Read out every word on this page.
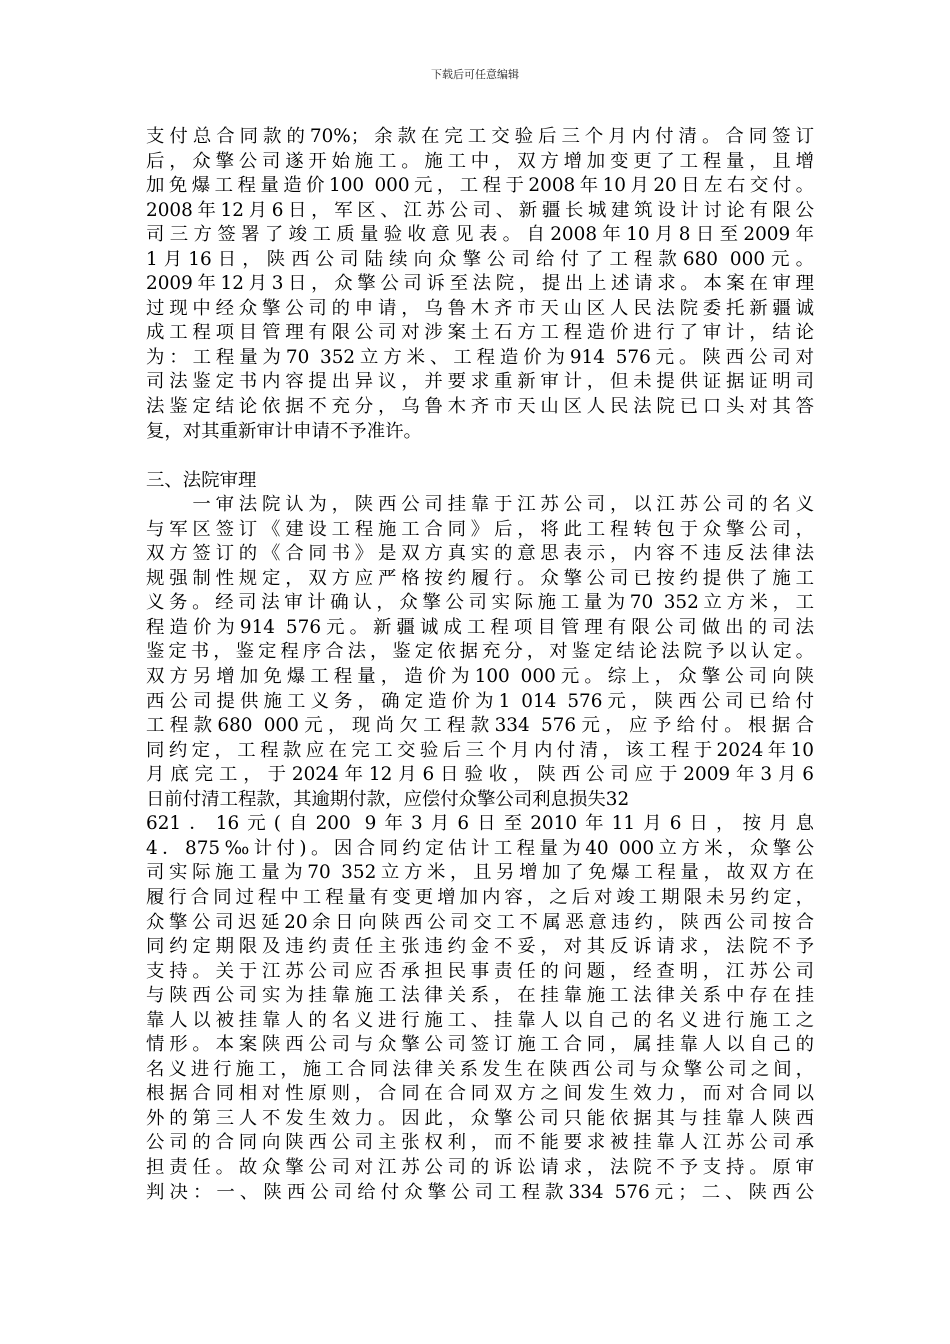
下载后可任意编辑
支付总合同款的70%；余款在完工交验后三个月内付清。合同签订
后，众擎公司遂开始施工。施工中，双方增加变更了工程量，且增
加免爆工程量造价100 000元，工程于2008年10月20日左右交付。
2008年12月6日，军区、江苏公司、新疆长城建筑设计讨论有限公
司三方签署了竣工质量验收意见表。自2008年10月8日至2009年
1月16日，陕西公司陆续向众擎公司给付了工程款680 000元。
2009年12月3日，众擎公司诉至法院，提出上述请求。本案在审理
过现中经众擎公司的申请，乌鲁木齐市天山区人民法院委托新疆诚
成工程项目管理有限公司对涉案土石方工程造价进行了审计，结论
为：工程量为70 352立方米、工程造价为914 576元。陕西公司对
司法鉴定书内容提出异议，并要求重新审计，但未提供证据证明司
法鉴定结论依据不充分，乌鲁木齐市天山区人民法院已口头对其答
复，对其重新审计申请不予准许。
三、法院审理
　　一审法院认为，陕西公司挂靠于江苏公司，以江苏公司的名义
与军区签订《建设工程施工合同》后，将此工程转包于众擎公司，
双方签订的《合同书》是双方真实的意思表示，内容不违反法律法
规强制性规定，双方应严格按约履行。众擎公司已按约提供了施工
义务。经司法审计确认，众擎公司实际施工量为70 352立方米，工
程造价为914 576元。新疆诚成工程项目管理有限公司做出的司法
鉴定书，鉴定程序合法，鉴定依据充分，对鉴定结论法院予以认定。
双方另增加免爆工程量，造价为100 000元。综上，众擎公司向陕
西公司提供施工义务，确定造价为1 014 576元，陕西公司已给付
工程款680 000元，现尚欠工程款334 576元，应予给付。根据合
同约定，工程款应在完工交验后三个月内付清，该工程于2024年10
月底完工，于2024年12月6日验收，陕西公司应于2009年3月6
日前付清工程款，其逾期付款，应偿付众擎公司利息损失32
621．16元(自200 9年3月6日至2010年11月6日，按月息
4．875‰计付)。因合同约定估计工程量为40 000立方米，众擎公
司实际施工量为70 352立方米，且另增加了免爆工程量，故双方在
履行合同过程中工程量有变更增加内容，之后对竣工期限未另约定，
众擎公司迟延20余日向陕西公司交工不属恶意违约，陕西公司按合
同约定期限及违约责任主张违约金不妥，对其反诉请求，法院不予
支持。关于江苏公司应否承担民事责任的问题，经查明，江苏公司
与陕西公司实为挂靠施工法律关系，在挂靠施工法律关系中存在挂
靠人以被挂靠人的名义进行施工、挂靠人以自己的名义进行施工之
情形。本案陕西公司与众擎公司签订施工合同，属挂靠人以自己的
名义进行施工，施工合同法律关系发生在陕西公司与众擎公司之间，
根据合同相对性原则，合同在合同双方之间发生效力，而对合同以
外的第三人不发生效力。因此，众擎公司只能依据其与挂靠人陕西
公司的合同向陕西公司主张权利，而不能要求被挂靠人江苏公司承
担责任。故众擎公司对江苏公司的诉讼请求，法院不予支持。原审
判决：一、陕西公司给付众擎公司工程款334 576元；二、陕西公
